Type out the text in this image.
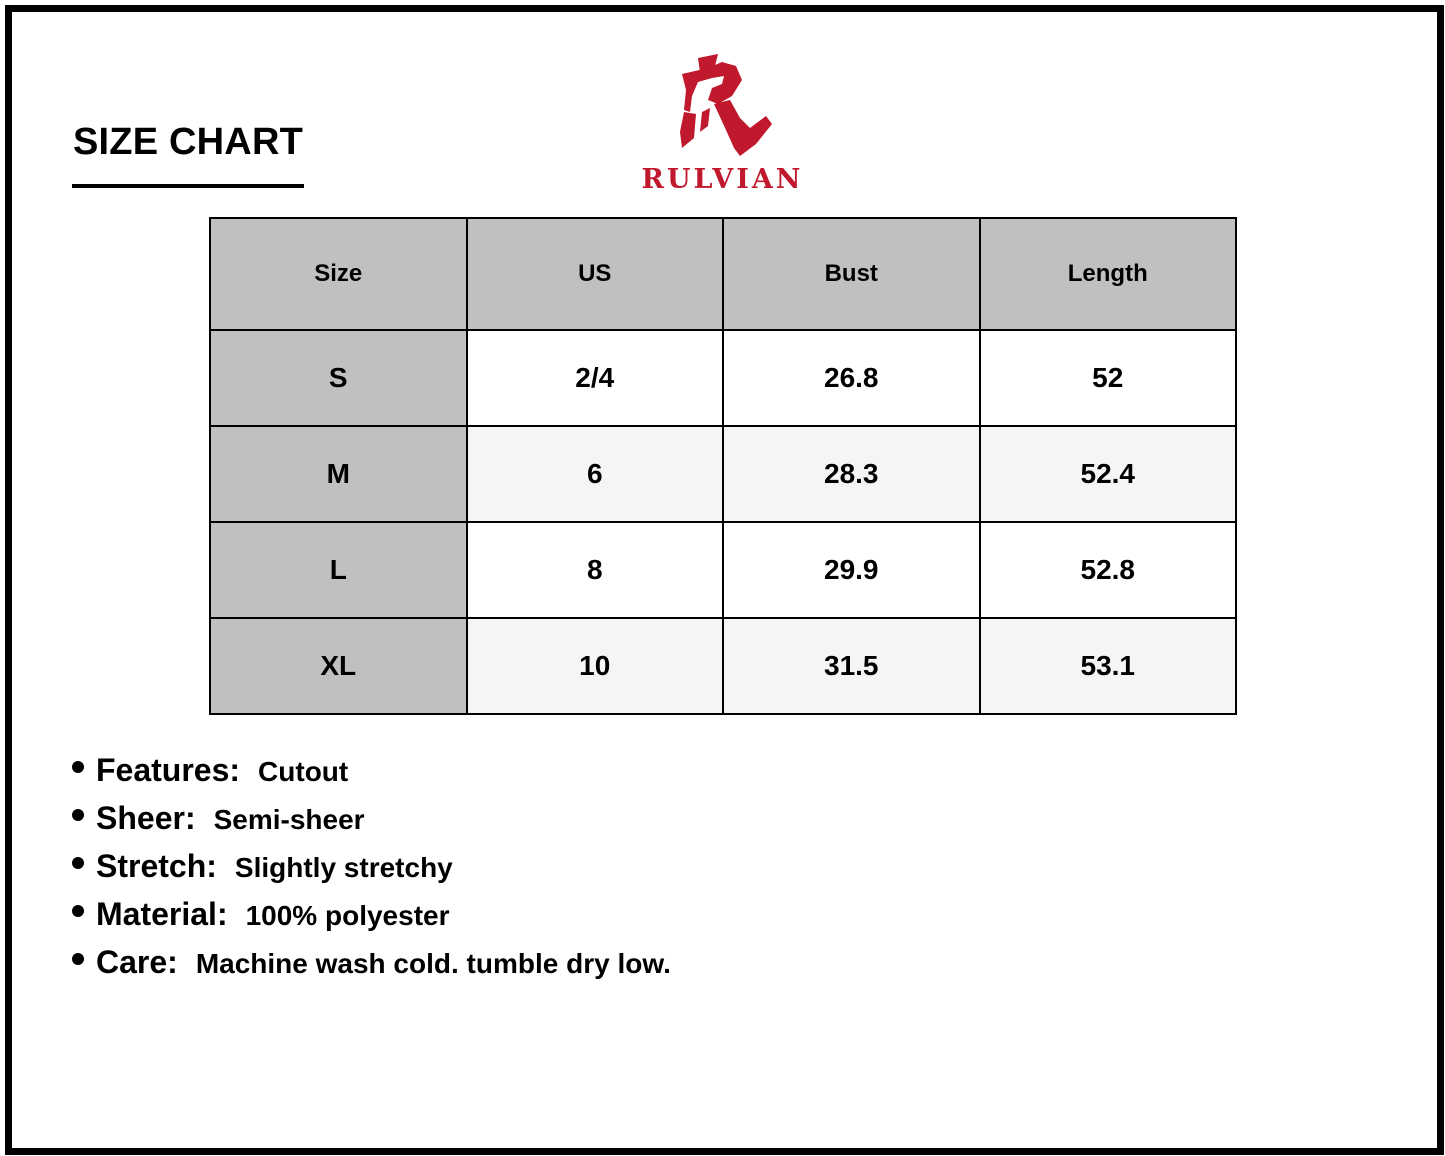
SIZE CHART
RULVIAN
Size	US	Bust	Length
S	2/4	26.8	52
M	6	28.3	52.4
L	8	29.9	52.8
XL	10	31.5	53.1
Features: Cutout
Sheer: Semi-sheer
Stretch: Slightly stretchy
Material: 100% polyester
Care: Machine wash cold. tumble dry low.
